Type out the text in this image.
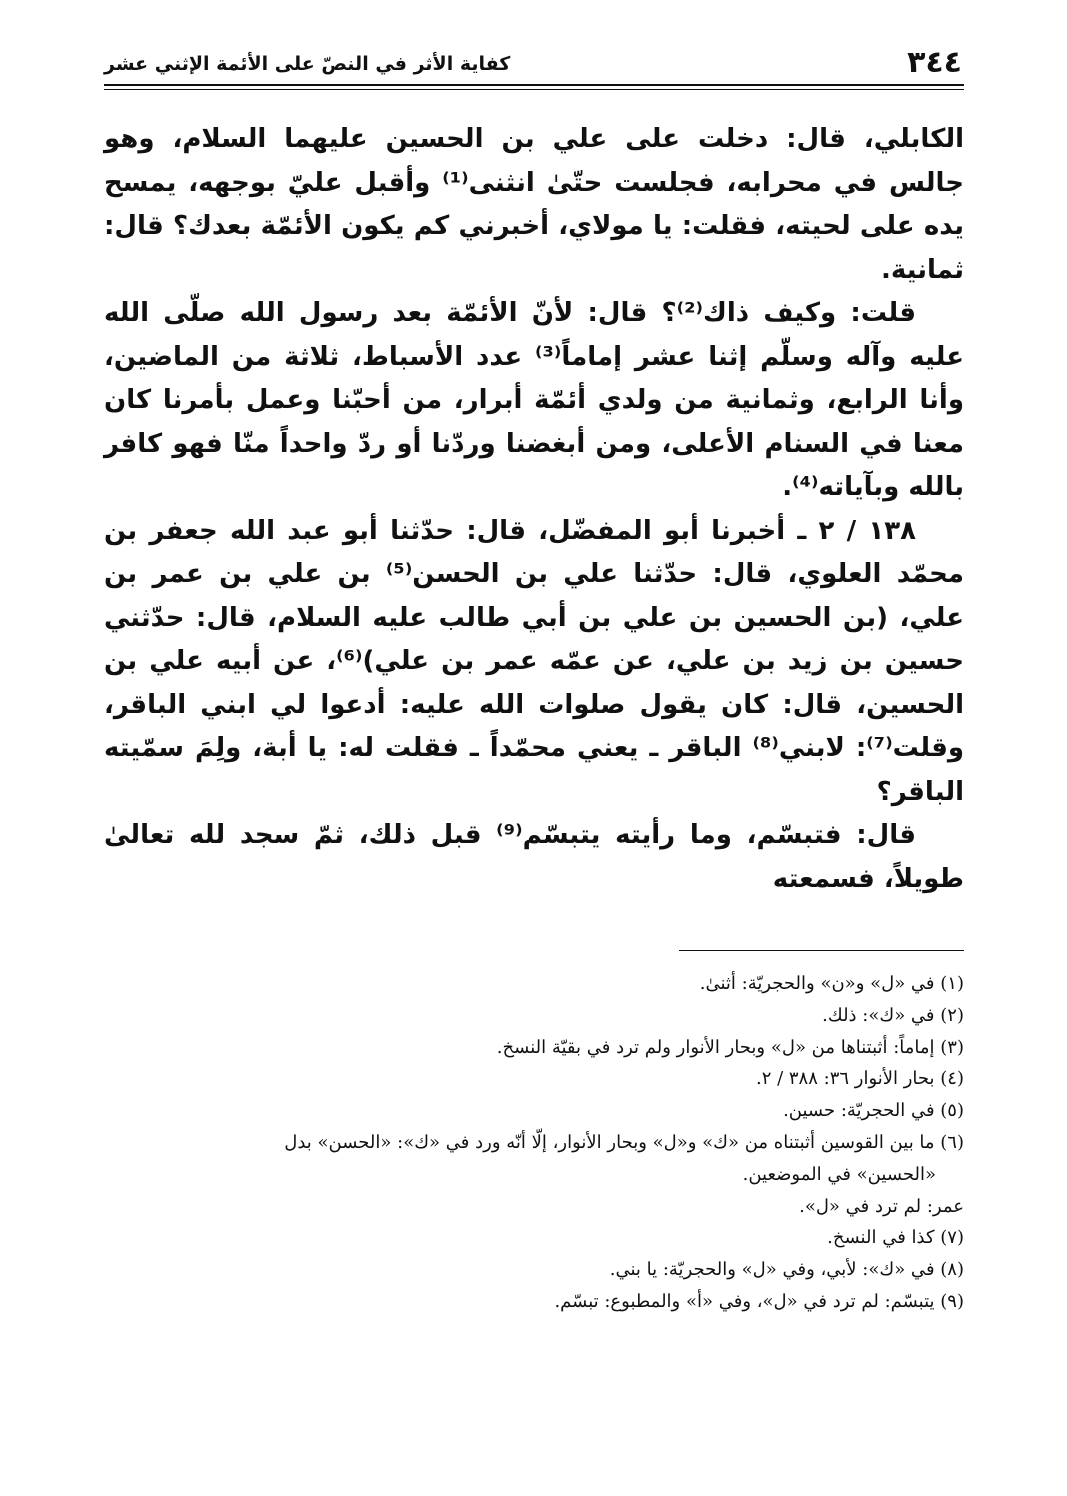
٣٤٤
كفاية الأثر في النصّ على الأئمة الإثني عشر

الكابلي، قال: دخلت على علي بن الحسين عليهما السلام، وهو جالس في محرابه، فجلست حتّىٰ انثنى⁽¹⁾ وأقبل عليّ بوجهه، يمسح يده على لحيته، فقلت: يا مولاي، أخبرني كم يكون الأئمّة بعدك؟ قال: ثمانية.

قلت: وكيف ذاك⁽²⁾؟ قال: لأنّ الأئمّة بعد رسول الله صلّى الله عليه وآله وسلّم إثنا عشر إماماً⁽³⁾ عدد الأسباط، ثلاثة من الماضين، وأنا الرابع، وثمانية من ولدي أئمّة أبرار، من أحبّنا وعمل بأمرنا كان معنا في السنام الأعلى، ومن أبغضنا وردّنا أو ردّ واحداً منّا فهو كافر بالله وبآياته⁽⁴⁾.

١٣٨ / ٢ ـ أخبرنا أبو المفضّل، قال: حدّثنا أبو عبد الله جعفر بن محمّد العلوي، قال: حدّثنا علي بن الحسن⁽⁵⁾ بن علي بن عمر بن علي، (بن الحسين بن علي بن أبي طالب عليه السلام، قال: حدّثني حسين بن زيد بن علي، عن عمّه عمر بن علي)⁽⁶⁾، عن أبيه علي بن الحسين، قال: كان يقول صلوات الله عليه: أدعوا لي ابني الباقر، وقلت⁽⁷⁾: لابني⁽⁸⁾ الباقر ـ يعني محمّداً ـ فقلت له: يا أبة، ولِمَ سمّيته الباقر؟

قال: فتبسّم، وما رأيته يتبسّم⁽⁹⁾ قبل ذلك، ثمّ سجد لله تعالىٰ طويلاً، فسمعته

(١) في «ل» و«ن» والحجريّة: أثنىٰ.

(٢) في «ك»: ذلك.

(٣) إماماً: أثبتناها من «ل» وبحار الأنوار ولم ترد في بقيّة النسخ.

(٤) بحار الأنوار ٣٦: ٣٨٨ / ٢.

(٥) في الحجريّة: حسين.

(٦) ما بين القوسين أثبتناه من «ك» و«ل» وبحار الأنوار، إلّا أنّه ورد في «ك»: «الحسن» بدل

«الحسين» في الموضعين.

عمر: لم ترد في «ل».

(٧) كذا في النسخ.

(٨) في «ك»: لأبي، وفي «ل» والحجريّة: يا بني.

(٩) يتبسّم: لم ترد في «ل»، وفي «أ» والمطبوع: تبسّم.
